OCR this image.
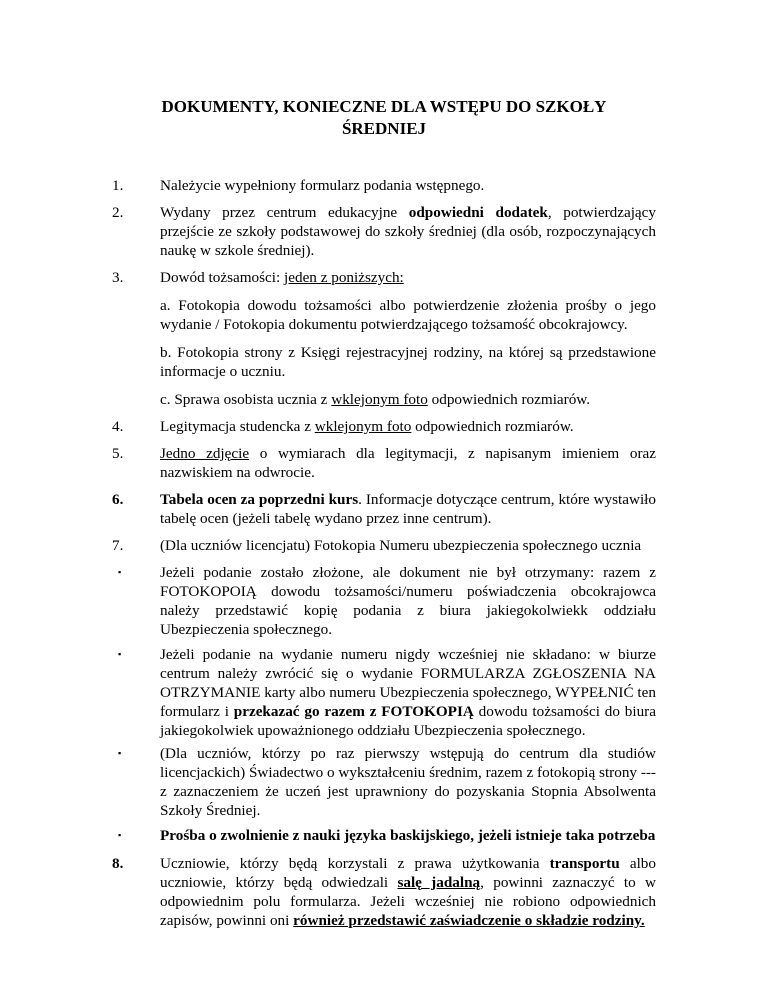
DOKUMENTY, KONIECZNE DLA WSTĘPU DO SZKOŁY
ŚREDNIEJ
1.	Należycie wypełniony formularz podania wstępnego.
2.	Wydany przez centrum edukacyjne odpowiedni dodatek, potwierdzający przejście ze szkoły podstawowej do szkoły średniej (dla osób, rozpoczynających naukę w szkole średniej).
3.	Dowód tożsamości: jeden z poniższych:
a. Fotokopia dowodu tożsamości albo potwierdzenie złożenia prośby o jego wydanie / Fotokopia dokumentu potwierdzającego tożsamość obcokrajowcy.
b. Fotokopia strony z Księgi rejestracyjnej rodziny, na której są przedstawione informacje o uczniu.
c. Sprawa osobista ucznia z wklejonym foto odpowiednich rozmiarów.
4.	Legitymacja studencka z wklejonym foto odpowiednich rozmiarów.
5.	Jedno zdjęcie o wymiarach dla legitymacji, z napisanym imieniem oraz nazwiskiem na odwrocie.
6.	Tabela ocen za poprzedni kurs. Informacje dotyczące centrum, które wystawiło tabelę ocen (jeżeli tabelę wydano przez inne centrum).
7.	(Dla uczniów licencjatu) Fotokopia Numeru ubezpieczenia społecznego ucznia
▪	Jeżeli podanie zostało złożone, ale dokument nie był otrzymany: razem z FOTOKOPOIĄ dowodu tożsamości/numeru poświadczenia obcokrajowca należy przedstawić kopię podania z biura jakiegokolwiekk oddziału Ubezpieczenia społecznego.
▪	Jeżeli podanie na wydanie numeru nigdy wcześniej nie składano: w biurze centrum należy zwrócić się o wydanie FORMULARZA ZGŁOSZENIA NA OTRZYMANIE karty albo numeru Ubezpieczenia społecznego, WYPEŁNIĆ ten formularz i przekazać go razem z FOTOKOPIĄ dowodu tożsamości do biura jakiegokolwiek upoważnionego oddziału Ubezpieczenia społecznego.
▪	(Dla uczniów, którzy po raz pierwszy wstępują do centrum dla studiów licencjackich) Świadectwo o wykształceniu średnim, razem z fotokopią strony ---z zaznaczeniem że uczeń jest uprawniony do pozyskania Stopnia Absolwenta Szkoły Średniej.
▪	Prośba o zwolnienie z nauki języka baskijskiego, jeżeli istnieje taka potrzeba
8.	Uczniowie, którzy będą korzystali z prawa użytkowania transportu albo uczniowie, którzy będą odwiedzali salę jadalną, powinni zaznaczyć to w odpowiednim polu formularza. Jeżeli wcześniej nie robiono odpowiednich zapisów, powinni oni również przedstawić zaświadczenie o składzie rodziny.
